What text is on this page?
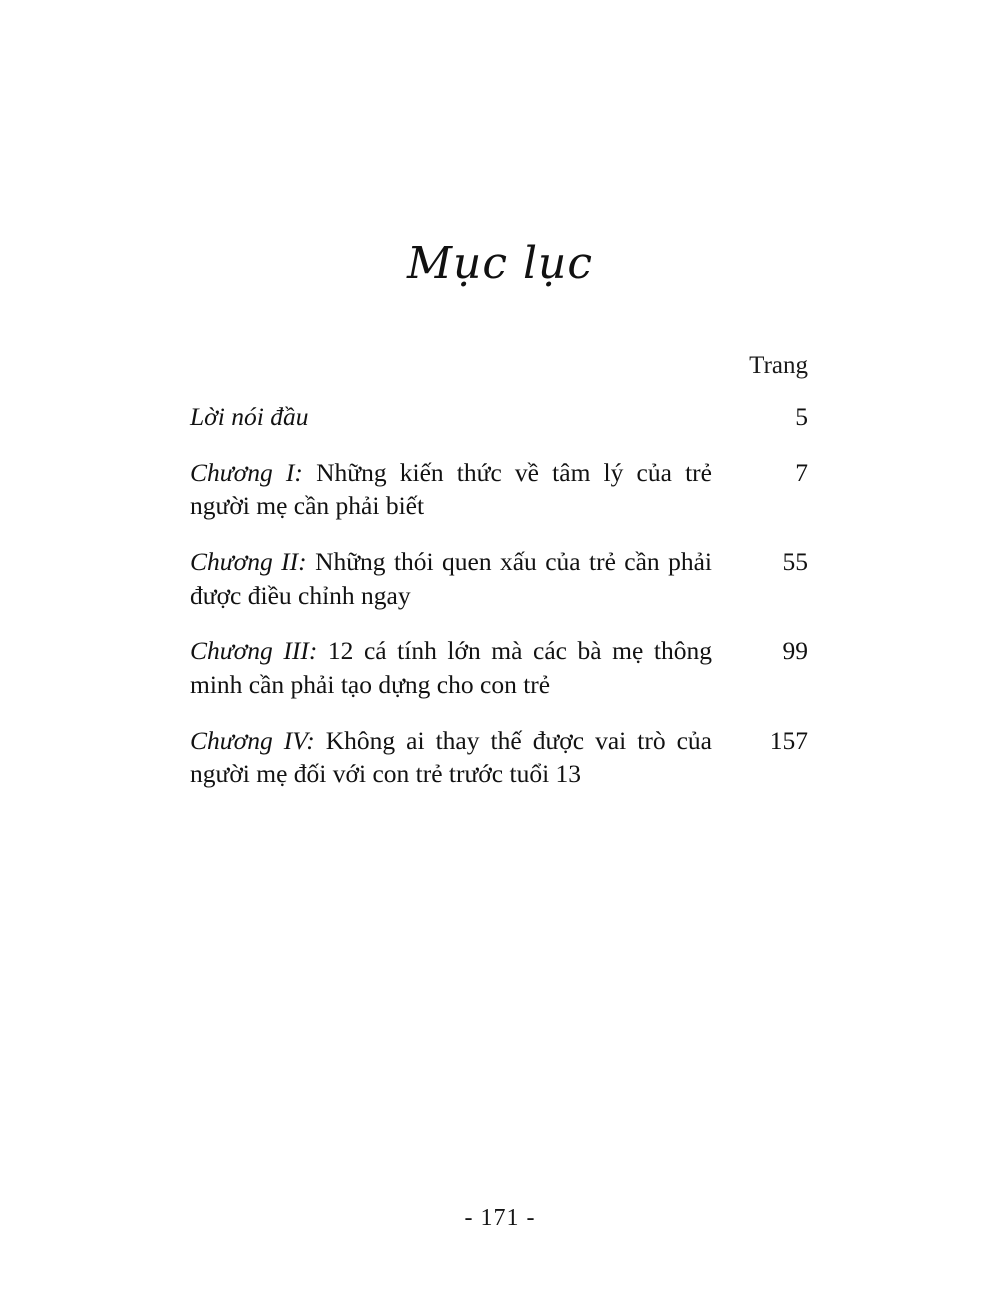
Mục lục
Trang
Lời nói đầu	5
Chương I: Những kiến thức về tâm lý của trẻ người mẹ cần phải biết
7
Chương II: Những thói quen xấu của trẻ cần phải được điều chỉnh ngay
55
Chương III: 12 cá tính lớn mà các bà mẹ thông minh cần phải tạo dựng cho con trẻ
99
Chương IV: Không ai thay thế được vai trò của người mẹ đối với con trẻ trước tuổi 13
157
- 171 -
